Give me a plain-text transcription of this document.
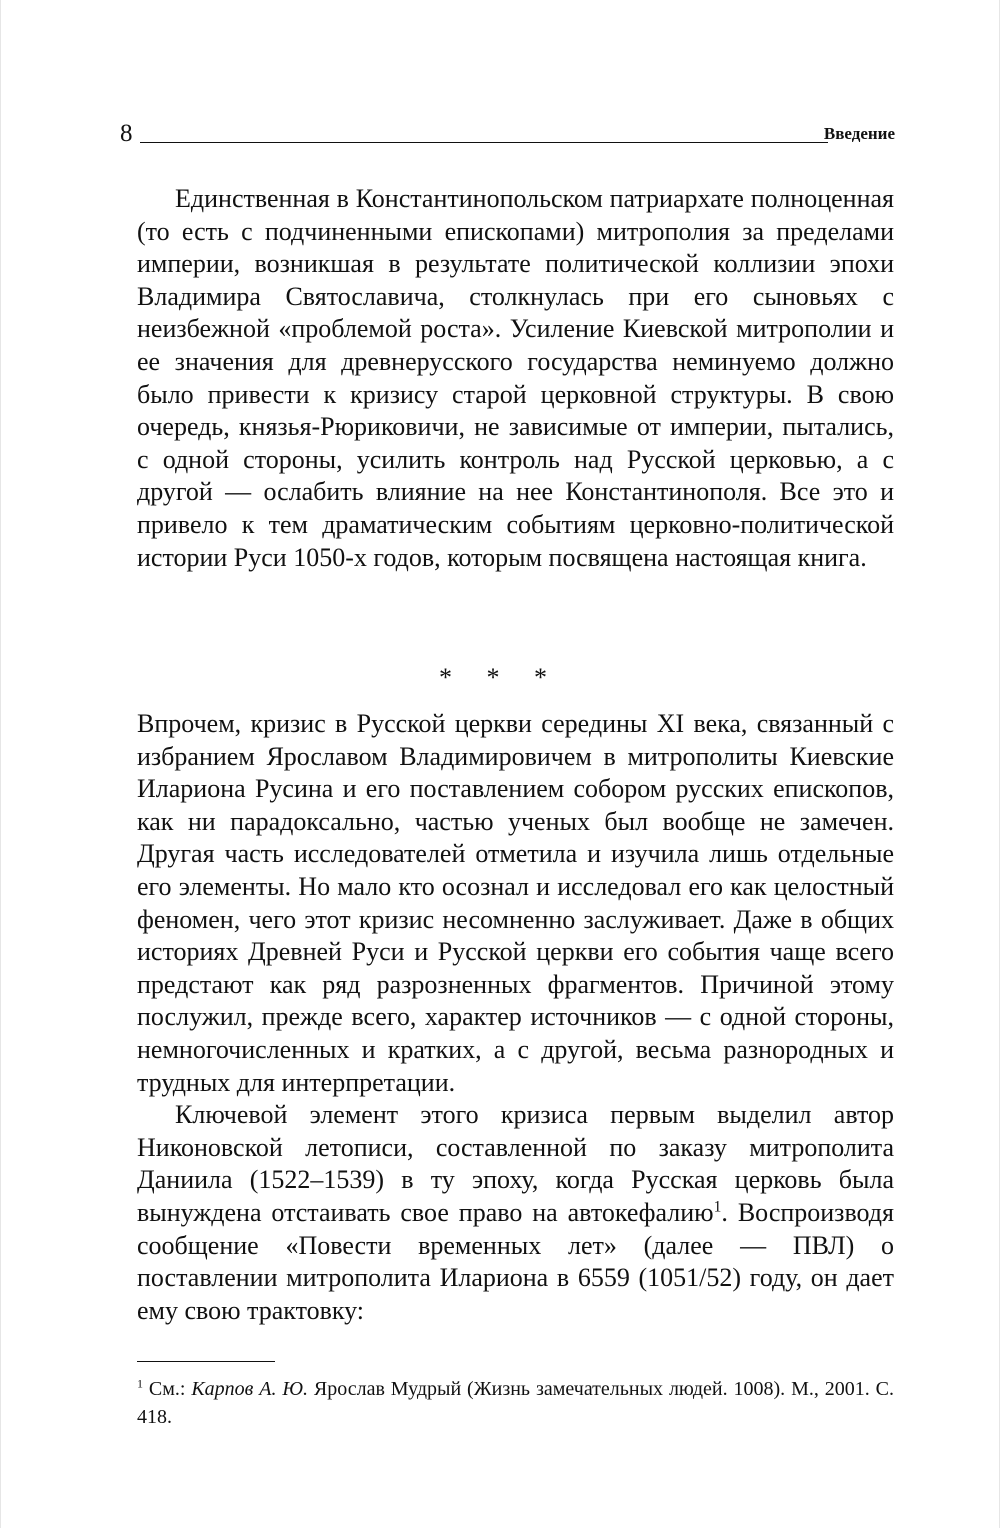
8	Введение

Единственная в Константинопольском патриархате полноценная (то есть с подчиненными епископами) митрополия за пределами империи, возникшая в результате политической коллизии эпохи Владимира Святославича, столкнулась при его сыновьях с неизбежной «проблемой роста». Усиление Киевской митрополии и ее значения для древнерусского государства неминуемо должно было привести к кризису старой церковной структуры. В свою очередь, князья-Рюриковичи, не зависимые от империи, пытались, с одной стороны, усилить контроль над Русской церковью, а с другой — ослабить влияние на нее Константинополя. Все это и привело к тем драматическим событиям церковно-политической истории Руси 1050-х годов, которым посвящена настоящая книга.

* * *

Впрочем, кризис в Русской церкви середины XI века, связанный с избранием Ярославом Владимировичем в митрополиты Киевские Илариона Русина и его поставлением собором русских епископов, как ни парадоксально, частью ученых был вообще не замечен. Другая часть исследователей отметила и изучила лишь отдельные его элементы. Но мало кто осознал и исследовал его как целостный феномен, чего этот кризис несомненно заслуживает. Даже в общих историях Древней Руси и Русской церкви его события чаще всего предстают как ряд разрозненных фрагментов. Причиной этому послужил, прежде всего, характер источников — с одной стороны, немногочисленных и кратких, а с другой, весьма разнородных и трудных для интерпретации.

Ключевой элемент этого кризиса первым выделил автор Никоновской летописи, составленной по заказу митрополита Даниила (1522–1539) в ту эпоху, когда Русская церковь была вынуждена отстаивать свое право на автокефалию$^1$. Воспроизводя сообщение «Повести временных лет» (далее — ПВЛ) о поставлении митрополита Илариона в 6559 (1051/52) году, он дает ему свою трактовку:

$^1$ См.: Карпов А. Ю. Ярослав Мудрый (Жизнь замечательных людей. 1008). М., 2001. С. 418.
